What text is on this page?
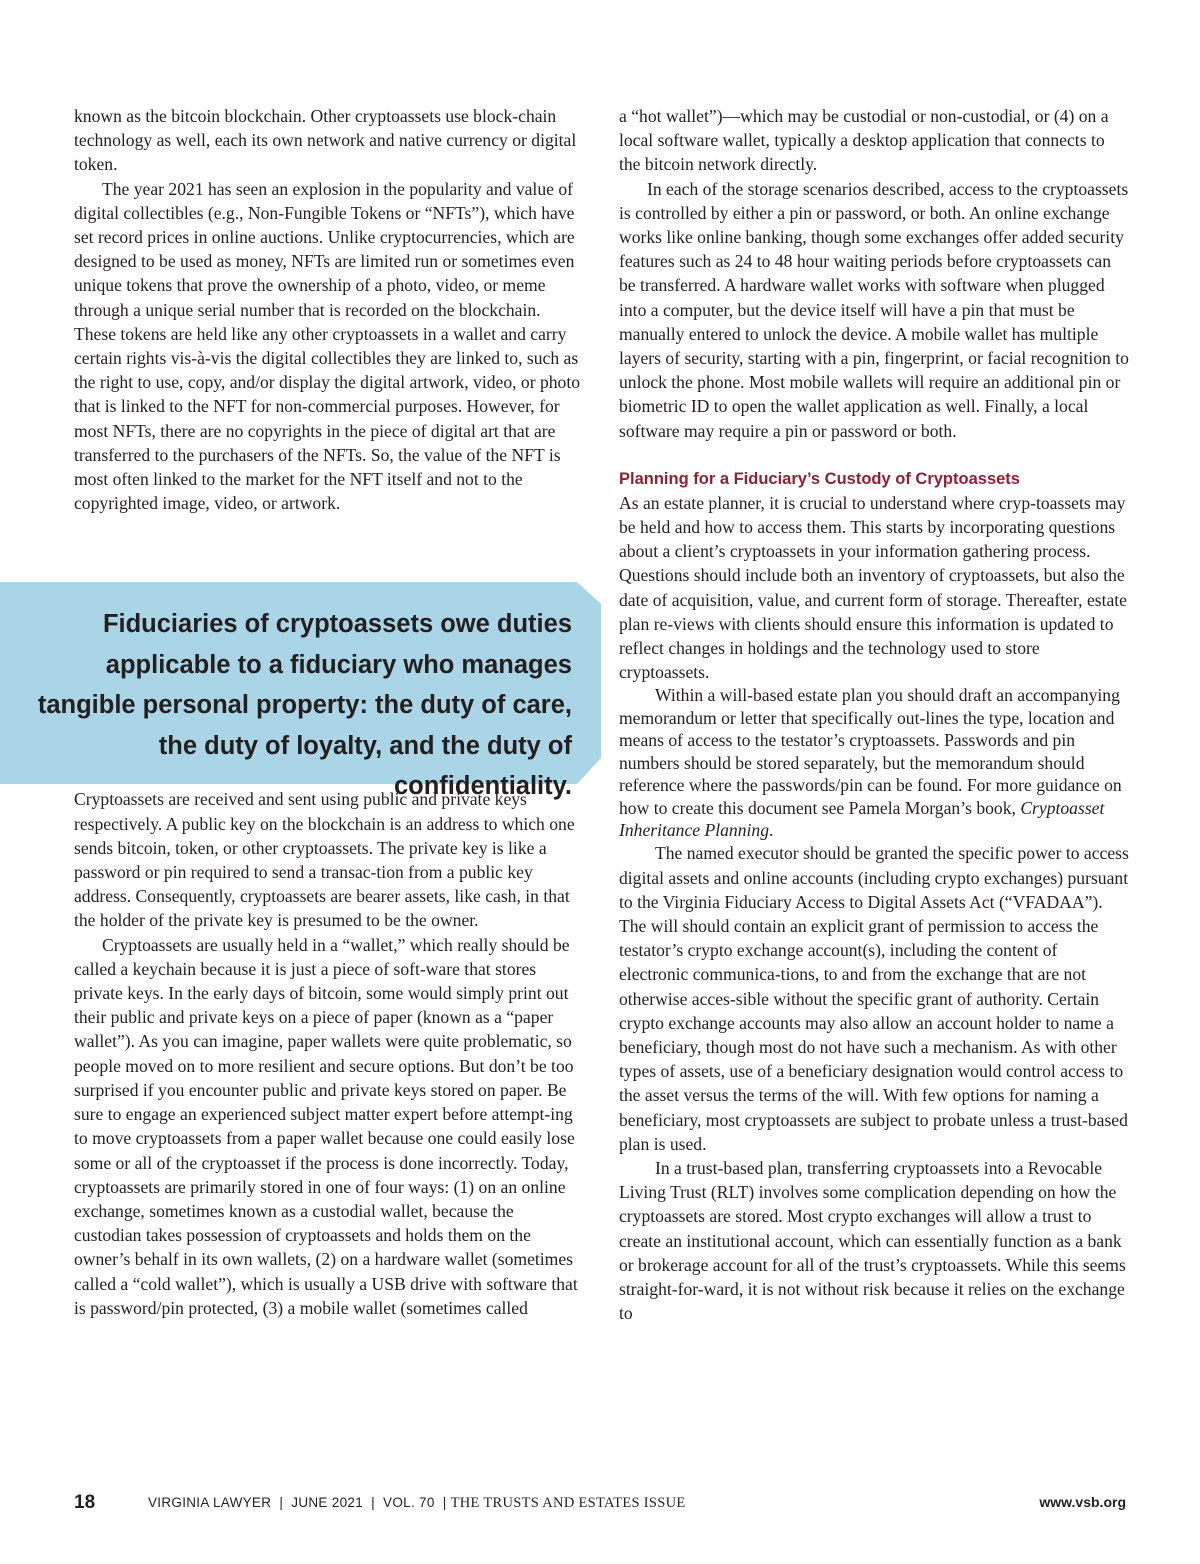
known as the bitcoin blockchain. Other cryptoassets use block-chain technology as well, each its own network and native currency or digital token.

The year 2021 has seen an explosion in the popularity and value of digital collectibles (e.g., Non-Fungible Tokens or “NFTs”), which have set record prices in online auctions. Unlike cryptocurrencies, which are designed to be used as money, NFTs are limited run or sometimes even unique tokens that prove the ownership of a photo, video, or meme through a unique serial number that is recorded on the blockchain. These tokens are held like any other cryptoassets in a wallet and carry certain rights vis-à-vis the digital collectibles they are linked to, such as the right to use, copy, and/or display the digital artwork, video, or photo that is linked to the NFT for non-commercial purposes. However, for most NFTs, there are no copyrights in the piece of digital art that are transferred to the purchasers of the NFTs. So, the value of the NFT is most often linked to the market for the NFT itself and not to the copyrighted image, video, or artwork.

Cryptoassets are received and sent using public and private keys respectively. A public key on the blockchain is an address to which one sends bitcoin, token, or other cryptoassets. The private key is like a password or pin required to send a transac-tion from a public key address. Consequently, cryptoassets are bearer assets, like cash, in that the holder of the private key is presumed to be the owner.

Cryptoassets are usually held in a “wallet,” which really should be called a keychain because it is just a piece of soft-ware that stores private keys. In the early days of bitcoin, some would simply print out their public and private keys on a piece of paper (known as a “paper wallet”). As you can imagine, paper wallets were quite problematic, so people moved on to more resilient and secure options. But don’t be too surprised if you encounter public and private keys stored on paper. Be sure to engage an experienced subject matter expert before attempt-ing to move cryptoassets from a paper wallet because one could easily lose some or all of the cryptoasset if the process is done incorrectly. Today, cryptoassets are primarily stored in one of four ways: (1) on an online exchange, sometimes known as a custodial wallet, because the custodian takes possession of cryptoassets and holds them on the owner’s behalf in its own wallets, (2) on a hardware wallet (sometimes called a “cold wallet”), which is usually a USB drive with software that is password/pin protected, (3) a mobile wallet (sometimes called

Fiduciaries of cryptoassets owe duties applicable to a fiduciary who manages tangible personal property: the duty of care, the duty of loyalty, and the duty of confidentiality.

a “hot wallet”)—which may be custodial or non-custodial, or (4) on a local software wallet, typically a desktop application that connects to the bitcoin network directly.

In each of the storage scenarios described, access to the cryptoassets is controlled by either a pin or password, or both. An online exchange works like online banking, though some exchanges offer added security features such as 24 to 48 hour waiting periods before cryptoassets can be transferred. A hardware wallet works with software when plugged into a computer, but the device itself will have a pin that must be manually entered to unlock the device. A mobile wallet has multiple layers of security, starting with a pin, fingerprint, or facial recognition to unlock the phone. Most mobile wallets will require an additional pin or biometric ID to open the wallet application as well. Finally, a local software may require a pin or password or both.

Planning for a Fiduciary’s Custody of Cryptoassets

As an estate planner, it is crucial to understand where cryp-toassets may be held and how to access them. This starts by incorporating questions about a client’s cryptoassets in your information gathering process. Questions should include both an inventory of cryptoassets, but also the date of acquisition, value, and current form of storage. Thereafter, estate plan re-views with clients should ensure this information is updated to reflect changes in holdings and the technology used to store cryptoassets.

Within a will-based estate plan you should draft an accompanying memorandum or letter that specifically out-lines the type, location and means of access to the testator’s cryptoassets. Passwords and pin numbers should be stored separately, but the memorandum should reference where the passwords/pin can be found. For more guidance on how to create this document see Pamela Morgan’s book, Cryptoasset Inheritance Planning.

The named executor should be granted the specific power to access digital assets and online accounts (including crypto exchanges) pursuant to the Virginia Fiduciary Access to Digital Assets Act (“VFADAA”). The will should contain an explicit grant of permission to access the testator’s crypto exchange account(s), including the content of electronic communica-tions, to and from the exchange that are not otherwise acces-sible without the specific grant of authority. Certain crypto exchange accounts may also allow an account holder to name a beneficiary, though most do not have such a mechanism. As with other types of assets, use of a beneficiary designation would control access to the asset versus the terms of the will. With few options for naming a beneficiary, most cryptoassets are subject to probate unless a trust-based plan is used.

In a trust-based plan, transferring cryptoassets into a Revocable Living Trust (RLT) involves some complication depending on how the cryptoassets are stored. Most crypto exchanges will allow a trust to create an institutional account, which can essentially function as a bank or brokerage account for all of the trust’s cryptoassets. While this seems straight-for-ward, it is not without risk because it relies on the exchange to

18	VIRGINIA LAWYER  |  JUNE 2021  |  VOL. 70  | THE TRUSTS AND ESTATES ISSUE	www.vsb.org
